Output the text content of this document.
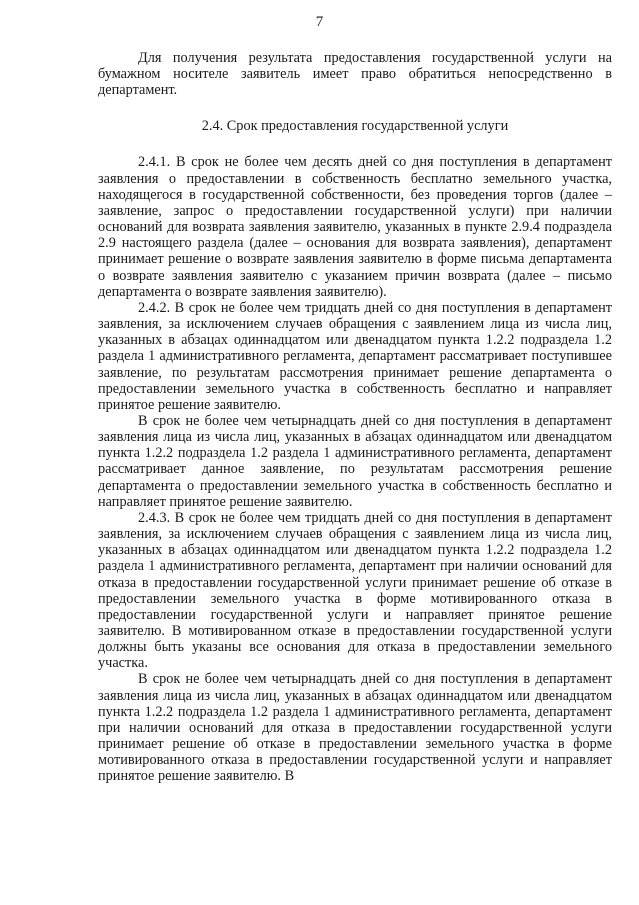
7

Для получения результата предоставления государственной услуги на бумажном носителе заявитель имеет право обратиться непосредственно в департамент.

2.4. Срок предоставления государственной услуги

2.4.1. В срок не более чем десять дней со дня поступления в департамент заявления о предоставлении в собственность бесплатно земельного участка, находящегося в государственной собственности, без проведения торгов (далее – заявление, запрос о предоставлении государственной услуги) при наличии оснований для возврата заявления заявителю, указанных в пункте 2.9.4 подраздела 2.9 настоящего раздела (далее – основания для возврата заявления), департамент принимает решение о возврате заявления заявителю в форме письма департамента о возврате заявления заявителю с указанием причин возврата (далее – письмо департамента о возврате заявления заявителю).

2.4.2. В срок не более чем тридцать дней со дня поступления в департамент заявления, за исключением случаев обращения с заявлением лица из числа лиц, указанных в абзацах одиннадцатом или двенадцатом пункта 1.2.2 подраздела 1.2 раздела 1 административного регламента, департамент рассматривает поступившее заявление, по результатам рассмотрения принимает решение департамента о предоставлении земельного участка в собственность бесплатно и направляет принятое решение заявителю.

В срок не более чем четырнадцать дней со дня поступления в департамент заявления лица из числа лиц, указанных в абзацах одиннадцатом или двенадцатом пункта 1.2.2 подраздела 1.2 раздела 1 административного регламента, департамент рассматривает данное заявление, по результатам рассмотрения решение департамента о предоставлении земельного участка в собственность бесплатно и направляет принятое решение заявителю.

2.4.3. В срок не более чем тридцать дней со дня поступления в департамент заявления, за исключением случаев обращения с заявлением лица из числа лиц, указанных в абзацах одиннадцатом или двенадцатом пункта 1.2.2 подраздела 1.2 раздела 1 административного регламента, департамент при наличии оснований для отказа в предоставлении государственной услуги принимает решение об отказе в предоставлении земельного участка в форме мотивированного отказа в предоставлении государственной услуги и направляет принятое решение заявителю. В мотивированном отказе в предоставлении государственной услуги должны быть указаны все основания для отказа в предоставлении земельного участка.

В срок не более чем четырнадцать дней со дня поступления в департамент заявления лица из числа лиц, указанных в абзацах одиннадцатом или двенадцатом пункта 1.2.2 подраздела 1.2 раздела 1 административного регламента, департамент при наличии оснований для отказа в предоставлении государственной услуги принимает решение об отказе в предоставлении земельного участка в форме мотивированного отказа в предоставлении государственной услуги и направляет принятое решение заявителю. В
